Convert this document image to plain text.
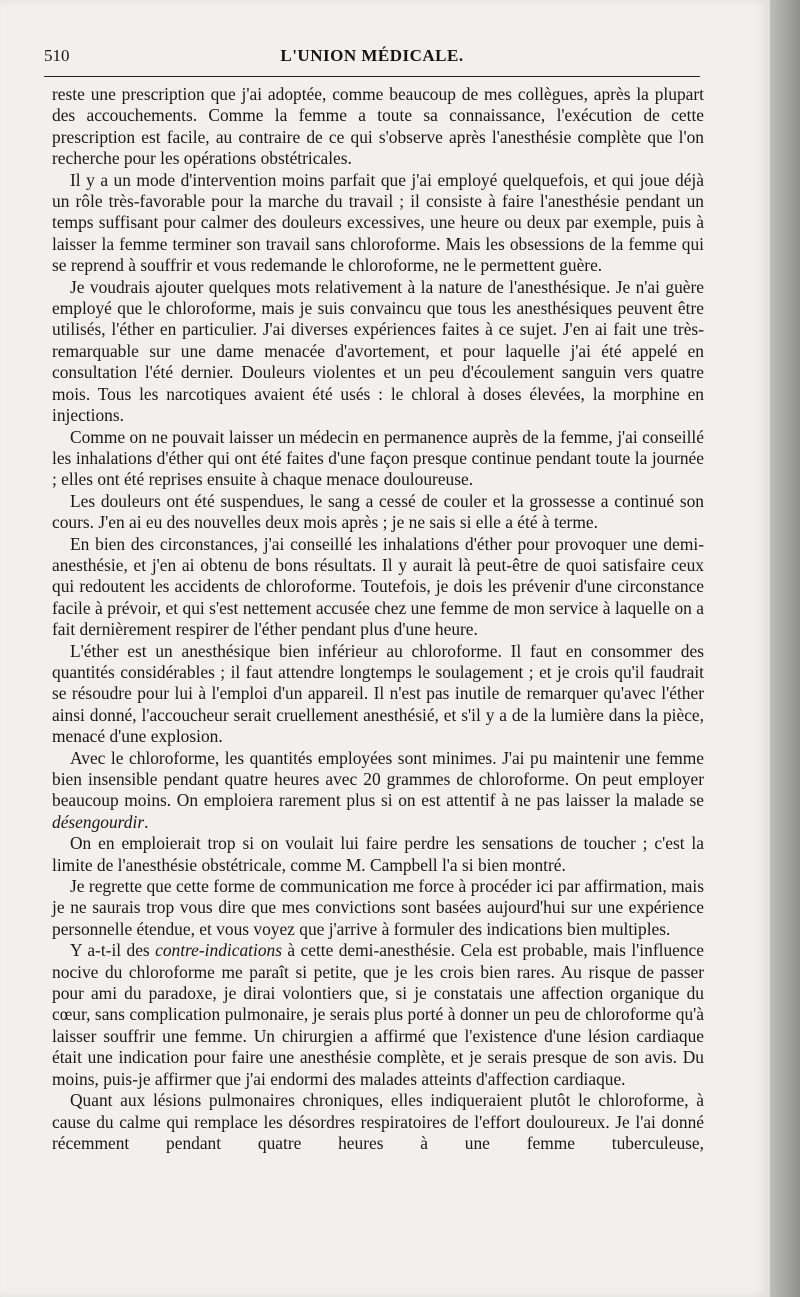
510	L'UNION MÉDICALE.

reste une prescription que j'ai adoptée, comme beaucoup de mes collègues, après la plupart des accouchements. Comme la femme a toute sa connaissance, l'exécution de cette prescription est facile, au contraire de ce qui s'observe après l'anesthésie complète que l'on recherche pour les opérations obstétricales.

Il y a un mode d'intervention moins parfait que j'ai employé quelquefois, et qui joue déjà un rôle très-favorable pour la marche du travail ; il consiste à faire l'anesthésie pendant un temps suffisant pour calmer des douleurs excessives, une heure ou deux par exemple, puis à laisser la femme terminer son travail sans chloroforme. Mais les obsessions de la femme qui se reprend à souffrir et vous redemande le chloroforme, ne le permettent guère.

Je voudrais ajouter quelques mots relativement à la nature de l'anesthésique. Je n'ai guère employé que le chloroforme, mais je suis convaincu que tous les anesthésiques peuvent être utilisés, l'éther en particulier. J'ai diverses expériences faites à ce sujet. J'en ai fait une très-remarquable sur une dame menacée d'avortement, et pour laquelle j'ai été appelé en consultation l'été dernier. Douleurs violentes et un peu d'écoulement sanguin vers quatre mois. Tous les narcotiques avaient été usés : le chloral à doses élevées, la morphine en injections.

Comme on ne pouvait laisser un médecin en permanence auprès de la femme, j'ai conseillé les inhalations d'éther qui ont été faites d'une façon presque continue pendant toute la journée ; elles ont été reprises ensuite à chaque menace douloureuse.

Les douleurs ont été suspendues, le sang a cessé de couler et la grossesse a continué son cours. J'en ai eu des nouvelles deux mois après ; je ne sais si elle a été à terme.

En bien des circonstances, j'ai conseillé les inhalations d'éther pour provoquer une demi-anesthésie, et j'en ai obtenu de bons résultats. Il y aurait là peut-être de quoi satisfaire ceux qui redoutent les accidents de chloroforme. Toutefois, je dois les prévenir d'une circonstance facile à prévoir, et qui s'est nettement accusée chez une femme de mon service à laquelle on a fait dernièrement respirer de l'éther pendant plus d'une heure.

L'éther est un anesthésique bien inférieur au chloroforme. Il faut en consommer des quantités considérables ; il faut attendre longtemps le soulagement ; et je crois qu'il faudrait se résoudre pour lui à l'emploi d'un appareil. Il n'est pas inutile de remarquer qu'avec l'éther ainsi donné, l'accoucheur serait cruellement anesthésié, et s'il y a de la lumière dans la pièce, menacé d'une explosion.

Avec le chloroforme, les quantités employées sont minimes. J'ai pu maintenir une femme bien insensible pendant quatre heures avec 20 grammes de chloroforme. On peut employer beaucoup moins. On emploiera rarement plus si on est attentif à ne pas laisser la malade se désengourdir.

On en emploierait trop si on voulait lui faire perdre les sensations de toucher ; c'est la limite de l'anesthésie obstétricale, comme M. Campbell l'a si bien montré.

Je regrette que cette forme de communication me force à procéder ici par affirmation, mais je ne saurais trop vous dire que mes convictions sont basées aujourd'hui sur une expérience personnelle étendue, et vous voyez que j'arrive à formuler des indications bien multiples.

Y a-t-il des contre-indications à cette demi-anesthésie. Cela est probable, mais l'influence nocive du chloroforme me paraît si petite, que je les crois bien rares. Au risque de passer pour ami du paradoxe, je dirai volontiers que, si je constatais une affection organique du cœur, sans complication pulmonaire, je serais plus porté à donner un peu de chloroforme qu'à laisser souffrir une femme. Un chirurgien a affirmé que l'existence d'une lésion cardiaque était une indication pour faire une anesthésie complète, et je serais presque de son avis. Du moins, puis-je affirmer que j'ai endormi des malades atteints d'affection cardiaque.

Quant aux lésions pulmonaires chroniques, elles indiqueraient plutôt le chloroforme, à cause du calme qui remplace les désordres respiratoires de l'effort douloureux. Je l'ai donné récemment pendant quatre heures à une femme tuberculeuse,
